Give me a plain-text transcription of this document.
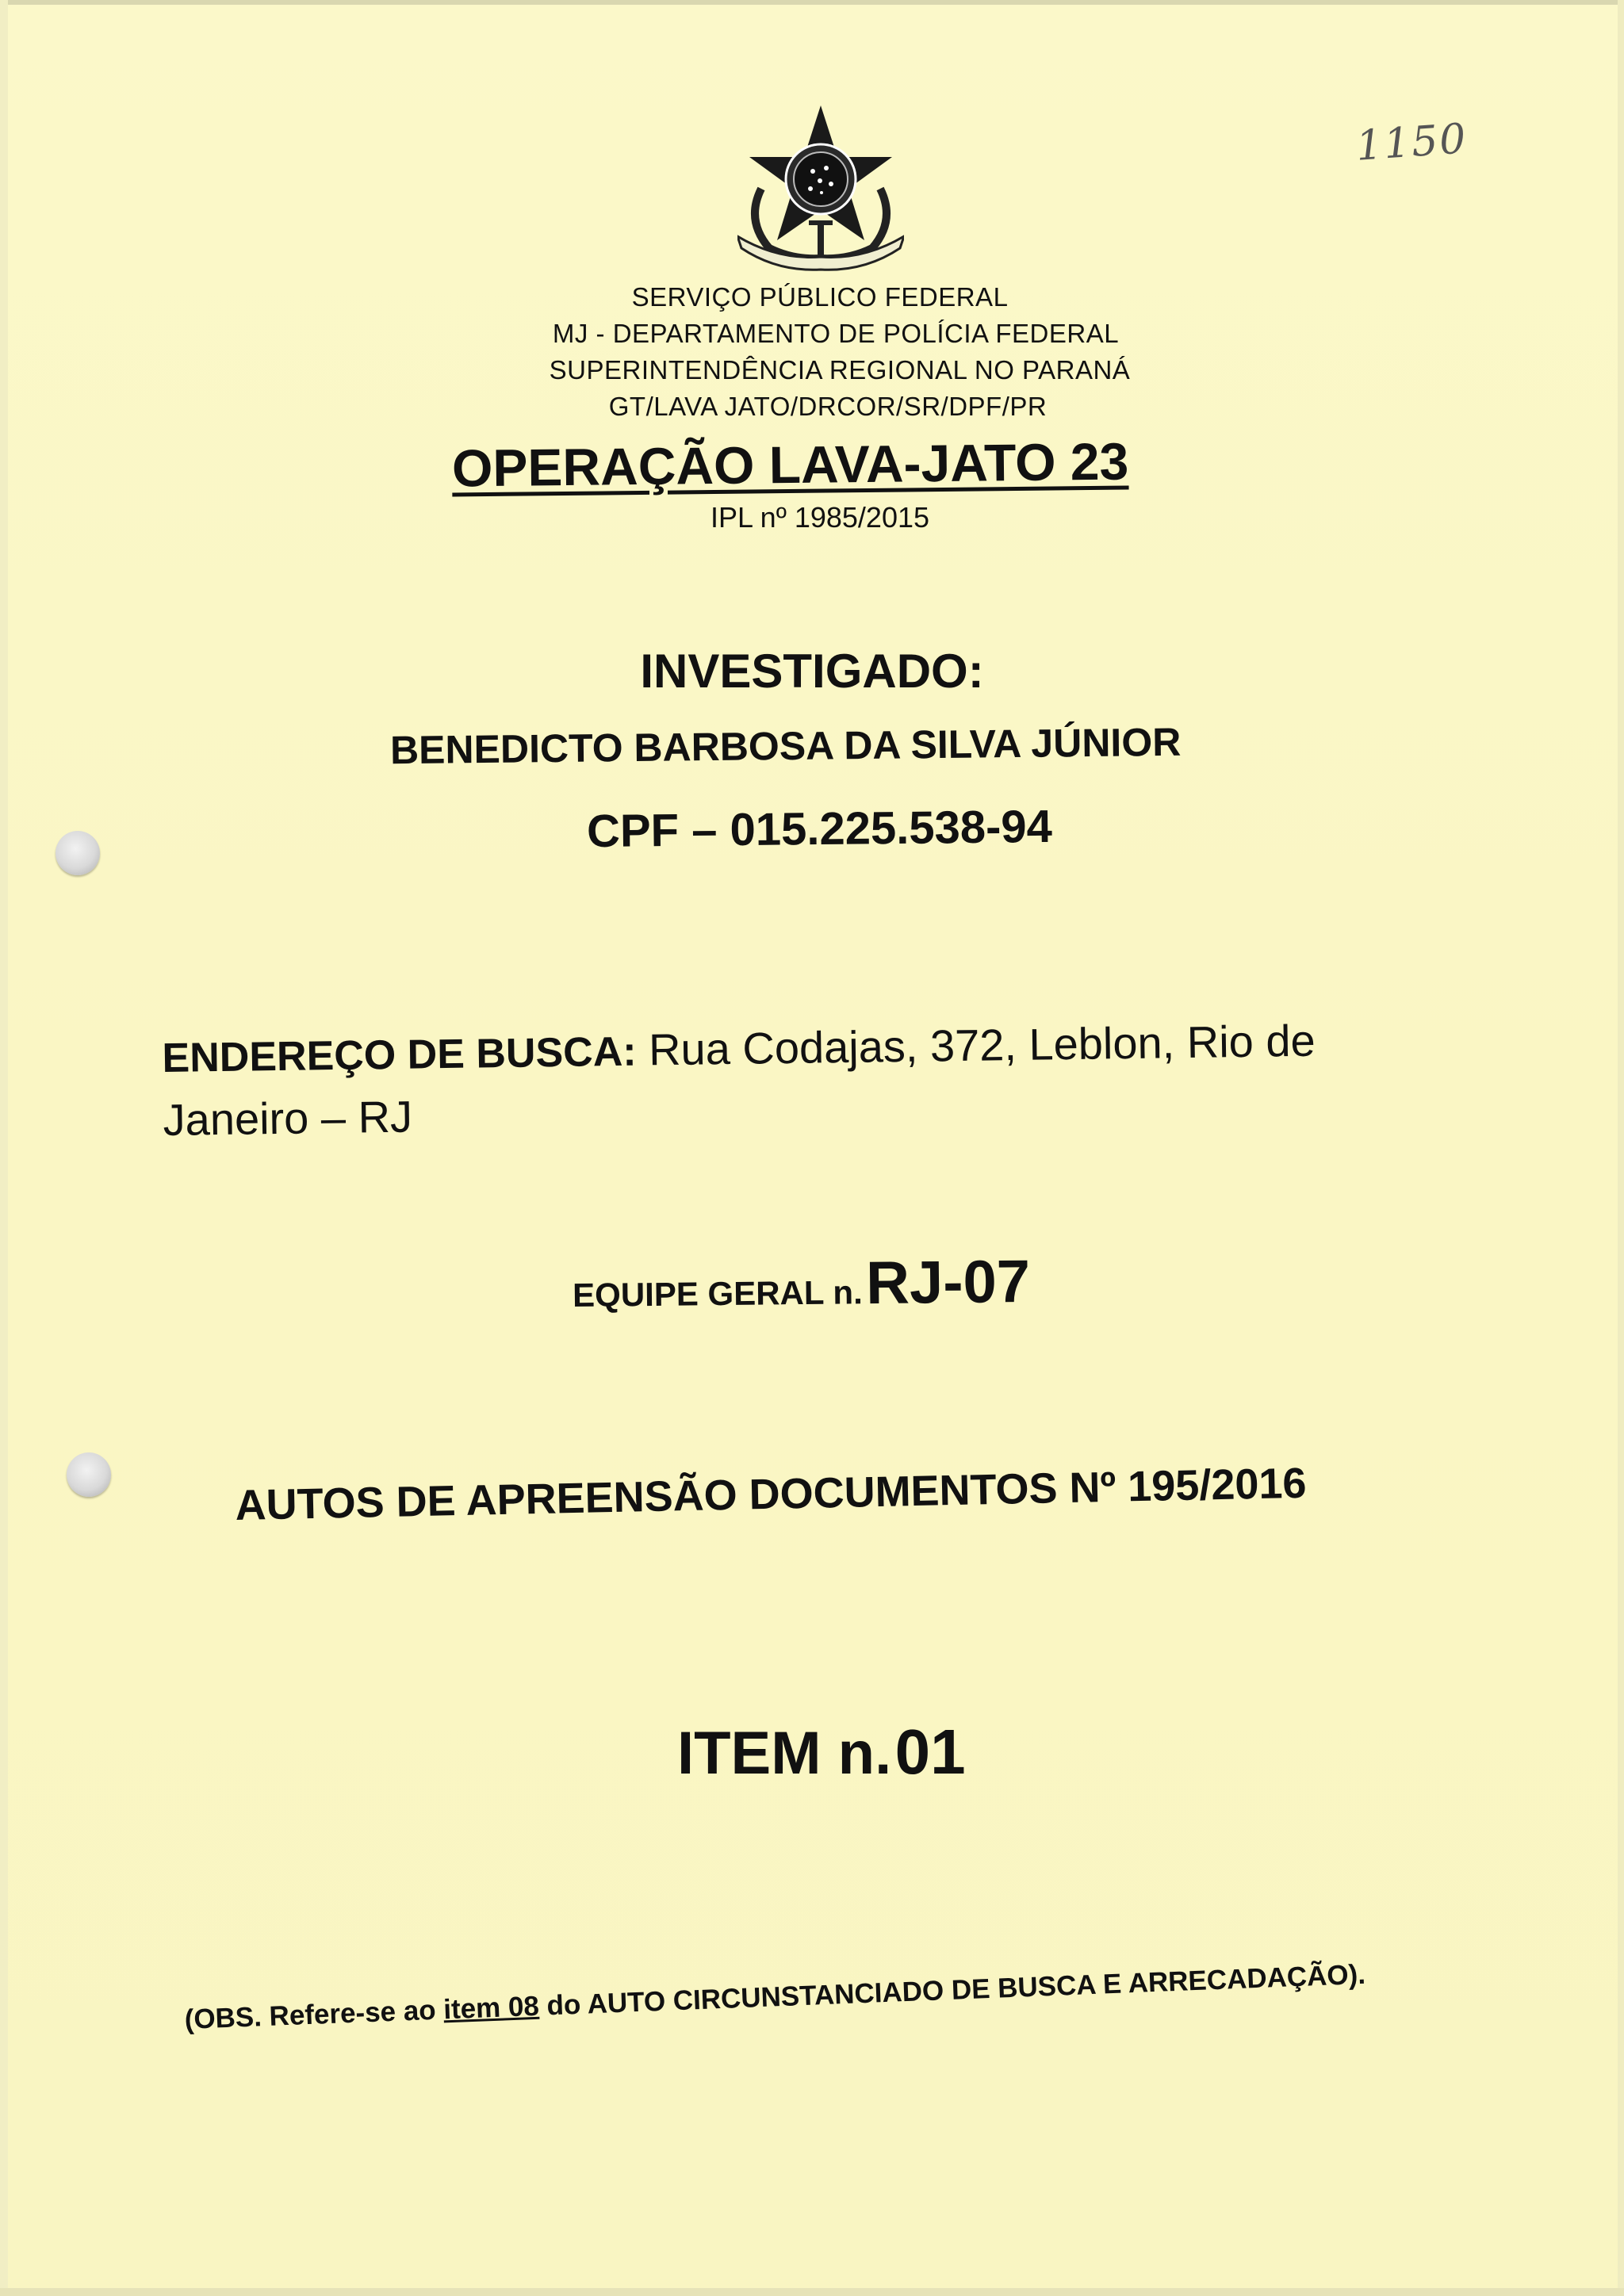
1150
SERVIÇO PÚBLICO FEDERAL
MJ - DEPARTAMENTO DE POLÍCIA FEDERAL
SUPERINTENDÊNCIA REGIONAL NO PARANÁ
GT/LAVA JATO/DRCOR/SR/DPF/PR
OPERAÇÃO LAVA-JATO 23
IPL nº 1985/2015
INVESTIGADO:
BENEDICTO BARBOSA DA SILVA JÚNIOR
CPF – 015.225.538-94
ENDEREÇO DE BUSCA: Rua Codajas, 372, Leblon, Rio de Janeiro – RJ
EQUIPE GERAL n. RJ-07
AUTOS DE APREENSÃO DOCUMENTOS Nº 195/2016
ITEM n. 01
(OBS. Refere-se ao item 08 do AUTO CIRCUNSTANCIADO DE BUSCA E ARRECADAÇÃO).
